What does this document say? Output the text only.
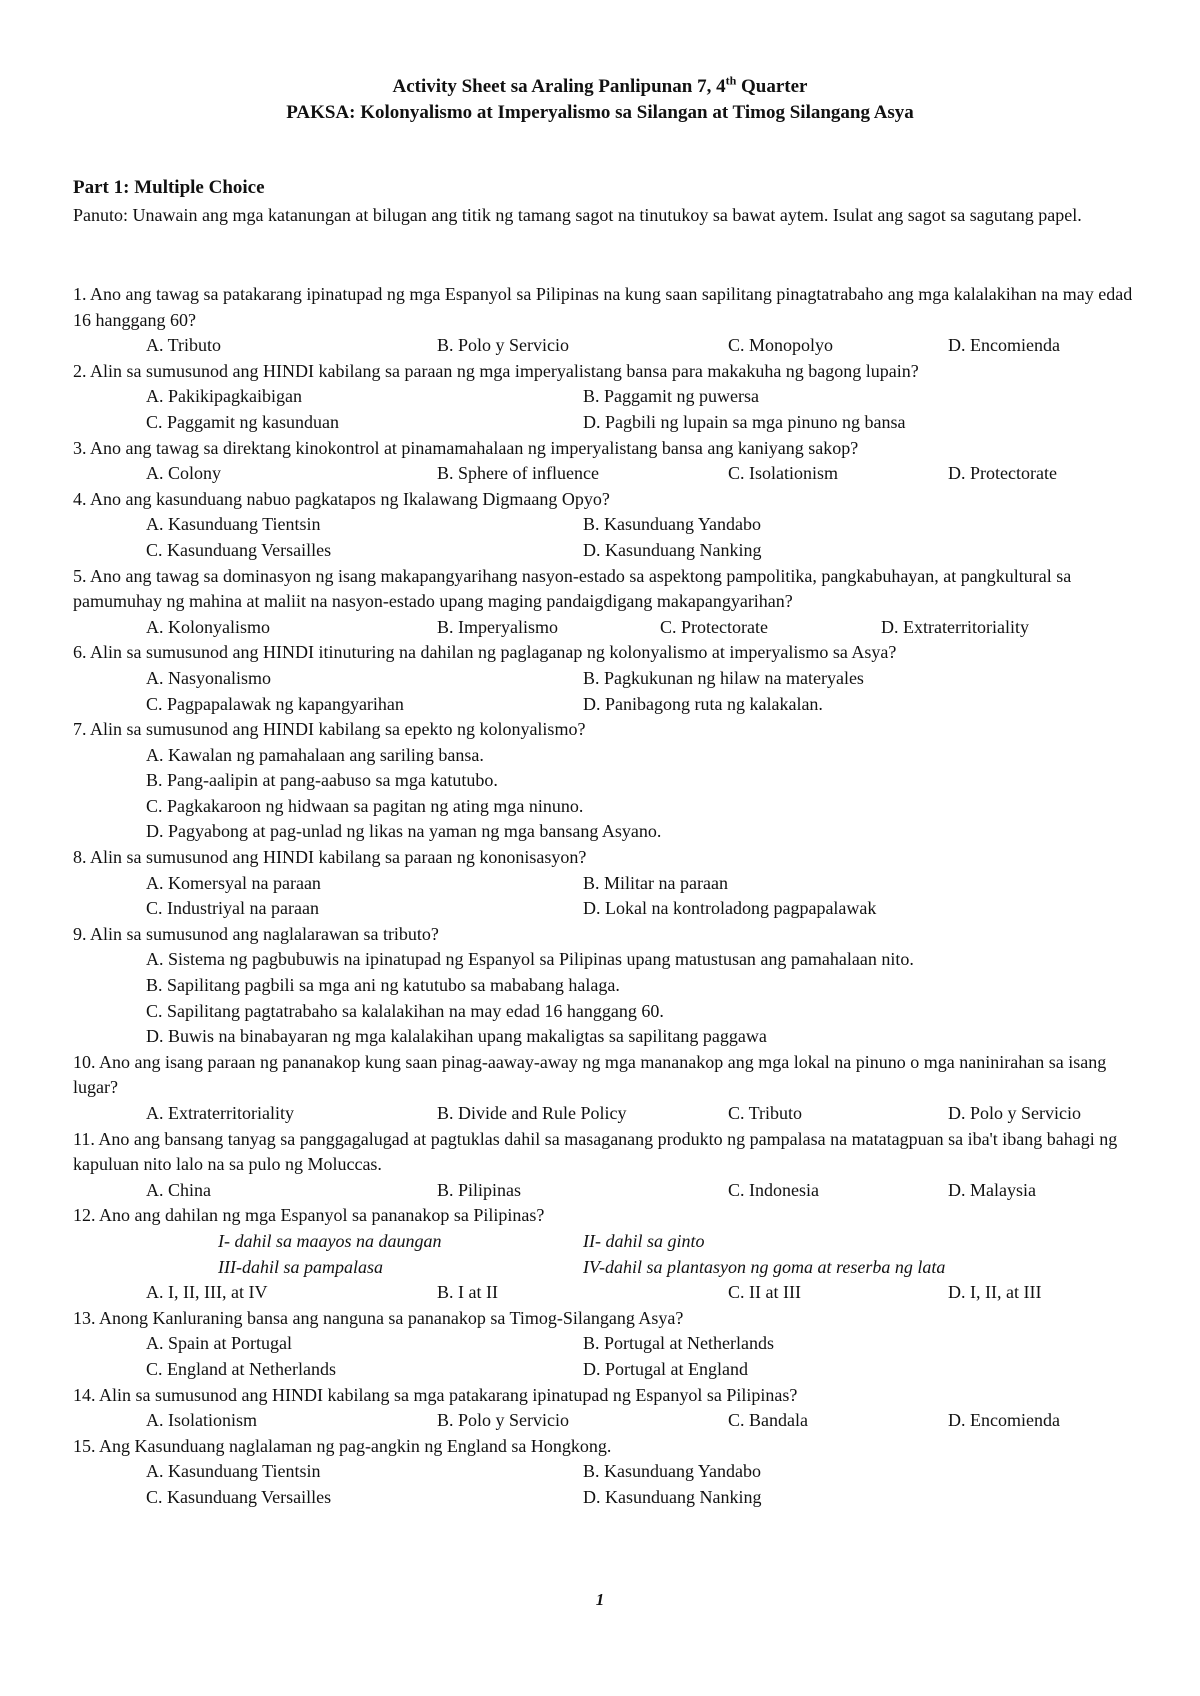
Activity Sheet sa Araling Panlipunan 7, 4th Quarter
PAKSA: Kolonyalismo at Imperyalismo sa Silangan at Timog Silangang Asya
Part 1: Multiple Choice
Panuto: Unawain ang mga katanungan at bilugan ang titik ng tamang sagot na tinutukoy sa bawat aytem. Isulat ang sagot sa sagutang papel.

1. Ano ang tawag sa patakarang ipinatupad ng mga Espanyol sa Pilipinas na kung saan sapilitang pinagtatrabaho ang mga kalalakihan na may edad 16 hanggang 60?

A. Tributo	B. Polo y Servicio	C. Monopolyo	D. Encomienda

2. Alin sa sumusunod ang HINDI kabilang sa paraan ng mga imperyalistang bansa para makakuha ng bagong lupain?

A. Pakikipagkaibigan	B. Paggamit ng puwersa
C. Paggamit ng kasunduan	D. Pagbili ng lupain sa mga pinuno ng bansa

3. Ano ang tawag sa direktang kinokontrol at pinamamahalaan ng imperyalistang bansa ang kaniyang sakop?

A. Colony	B. Sphere of influence	C. Isolationism	D. Protectorate

4. Ano ang kasunduang nabuo pagkatapos ng Ikalawang Digmaang Opyo?

A. Kasunduang Tientsin	B. Kasunduang Yandabo
C. Kasunduang Versailles	D. Kasunduang Nanking

5. Ano ang tawag sa dominasyon ng isang makapangyarihang nasyon-estado sa aspektong pampolitika, pangkabuhayan, at pangkultural sa pamumuhay ng mahina at maliit na nasyon-estado upang maging pandaigdigang makapangyarihan?

A. Kolonyalismo	B. Imperyalismo	C. Protectorate	D. Extraterritoriality

6. Alin sa sumusunod ang HINDI itinuturing na dahilan ng paglaganap ng kolonyalismo at imperyalismo sa Asya?

A. Nasyonalismo	B. Pagkukunan ng hilaw na materyales
C. Pagpapalawak ng kapangyarihan	D. Panibagong ruta ng kalakalan.

7. Alin sa sumusunod ang HINDI kabilang sa epekto ng kolonyalismo?

A. Kawalan ng pamahalaan ang sariling bansa.
B. Pang-aalipin at pang-aabuso sa mga katutubo.
C. Pagkakaroon ng hidwaan sa pagitan ng ating mga ninuno.
D. Pagyabong at pag-unlad ng likas na yaman ng mga bansang Asyano.

8. Alin sa sumusunod ang HINDI kabilang sa paraan ng kononisasyon?

A. Komersyal na paraan	B. Militar na paraan
C. Industriyal na paraan	D. Lokal na kontroladong pagpapalawak

9. Alin sa sumusunod ang naglalarawan sa tributo?

A. Sistema ng pagbubuwis na ipinatupad ng Espanyol sa Pilipinas upang matustusan ang pamahalaan nito.
B. Sapilitang pagbili sa mga ani ng katutubo sa mababang halaga.
C. Sapilitang pagtatrabaho sa kalalakihan na may edad 16 hanggang 60.
D. Buwis na binabayaran ng mga kalalakihan upang makaligtas sa sapilitang paggawa

10. Ano ang isang paraan ng pananakop kung saan pinag-aaway-away ng mga mananakop ang mga lokal na pinuno o mga naninirahan sa isang lugar?

A. Extraterritoriality	B. Divide and Rule Policy	C. Tributo	D. Polo y Servicio

11. Ano ang bansang tanyag sa panggagalugad at pagtuklas dahil sa masaganang produkto ng pampalasa na matatagpuan sa iba't ibang bahagi ng kapuluan nito lalo na sa pulo ng Moluccas.

A. China	B. Pilipinas	C. Indonesia	D. Malaysia

12. Ano ang dahilan ng mga Espanyol sa pananakop sa Pilipinas?

I- dahil sa maayos na daungan	II- dahil sa ginto
III-dahil sa pampalasa	IV-dahil sa plantasyon ng goma at reserba ng lata
A. I, II, III, at IV	B. I at II	C. II at III	D. I, II, at III

13. Anong Kanluraning bansa ang nanguna sa pananakop sa Timog-Silangang Asya?

A. Spain at Portugal	B. Portugal at Netherlands
C. England at Netherlands	D. Portugal at England

14. Alin sa sumusunod ang HINDI kabilang sa mga patakarang ipinatupad ng Espanyol sa Pilipinas?

A. Isolationism	B. Polo y Servicio	C. Bandala	D. Encomienda

15. Ang Kasunduang naglalaman ng pag-angkin ng England sa Hongkong.

A. Kasunduang Tientsin	B. Kasunduang Yandabo
C. Kasunduang Versailles	D. Kasunduang Nanking
1
